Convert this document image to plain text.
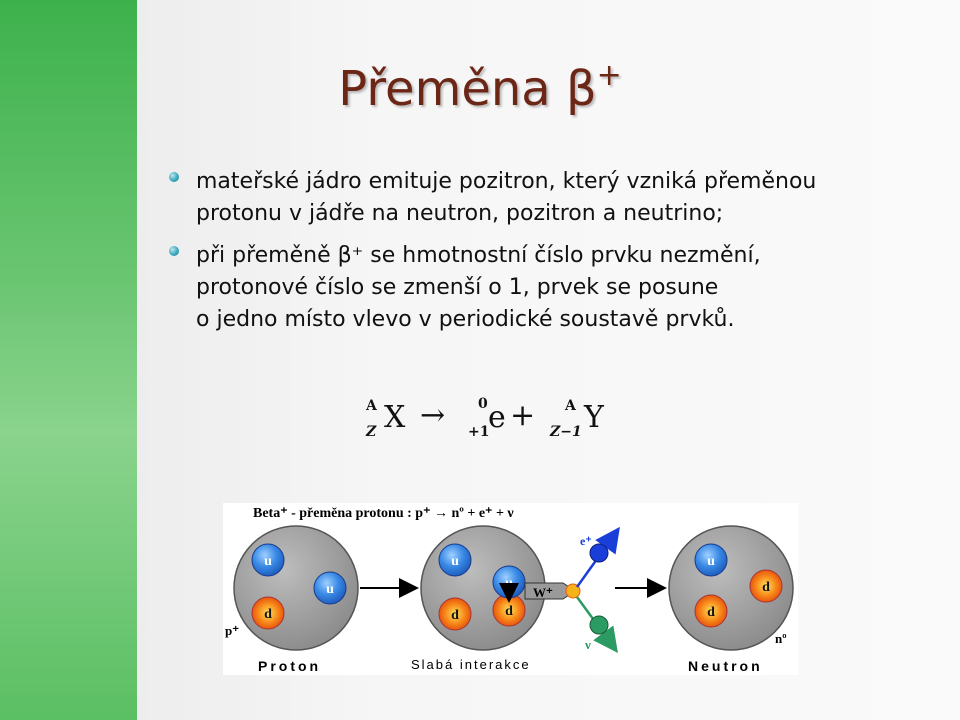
Přeměna β+
mateřské jádro emituje pozitron, který vzniká přeměnou
protonu v jádře na neutron, pozitron a neutrino;
při přeměně β⁺ se hmotnostní číslo prvku nezmění,
protonové číslo se zmenší o 1, prvek se posune
o jedno místo vlevo v periodické soustavě prvků.
A
Z X → 0
+1
e + A
Z−1 Y
Beta⁺ - přeměna protonu : p⁺ → nº + e⁺ + ν
u
u
d
p⁺
Proton
u
d	d
u
W⁺
e⁺
ν
Slabá interakce
u
d
d
nº
Neutron
